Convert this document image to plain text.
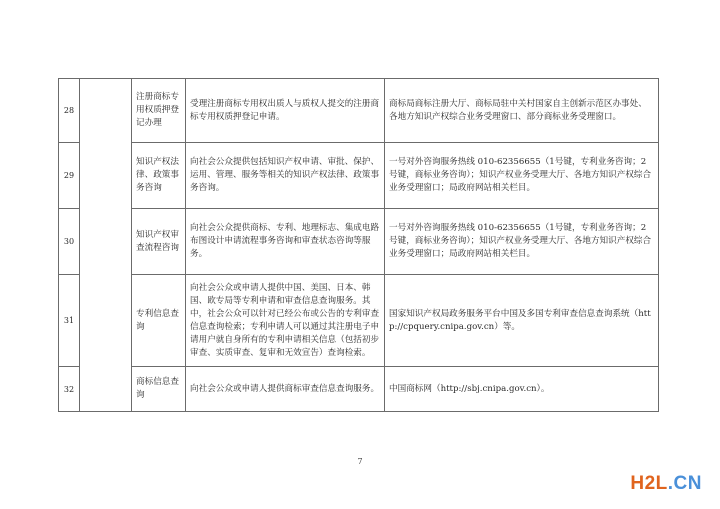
28		注册商标专用权质押登记办理	受理注册商标专用权出质人与质权人提交的注册商标专用权质押登记申请。	商标局商标注册大厅、商标局驻中关村国家自主创新示范区办事处、各地方知识产权综合业务受理窗口、部分商标业务受理窗口。
29		知识产权法律、政策事务咨询	向社会公众提供包括知识产权申请、审批、保护、运用、管理、服务等相关的知识产权法律、政策事务咨询。	一号对外咨询服务热线 010-62356655（1号键，专利业务咨询；2号键，商标业务咨询）；知识产权业务受理大厅、各地方知识产权综合业务受理窗口；局政府网站相关栏目。
30		知识产权审查流程咨询	向社会公众提供商标、专利、地理标志、集成电路布图设计申请流程事务咨询和审查状态咨询等服务。	一号对外咨询服务热线 010-62356655（1号键，专利业务咨询；2号键，商标业务咨询）；知识产权业务受理大厅、各地方知识产权综合业务受理窗口；局政府网站相关栏目。
31		专利信息查询	向社会公众或申请人提供中国、美国、日本、韩国、欧专局等专利申请和审查信息查询服务。其中，社会公众可以针对已经公布或公告的专利审查信息查询检索；专利申请人可以通过其注册电子申请用户就自身所有的专利申请相关信息（包括初步审查、实质审查、复审和无效宣告）查询检索。	国家知识产权局政务服务平台中国及多国专利审查信息查询系统（http://cpquery.cnipa.gov.cn）等。
32		商标信息查询	向社会公众或申请人提供商标审查信息查询服务。	中国商标网（http://sbj.cnipa.gov.cn）。
7
H2L.CN
